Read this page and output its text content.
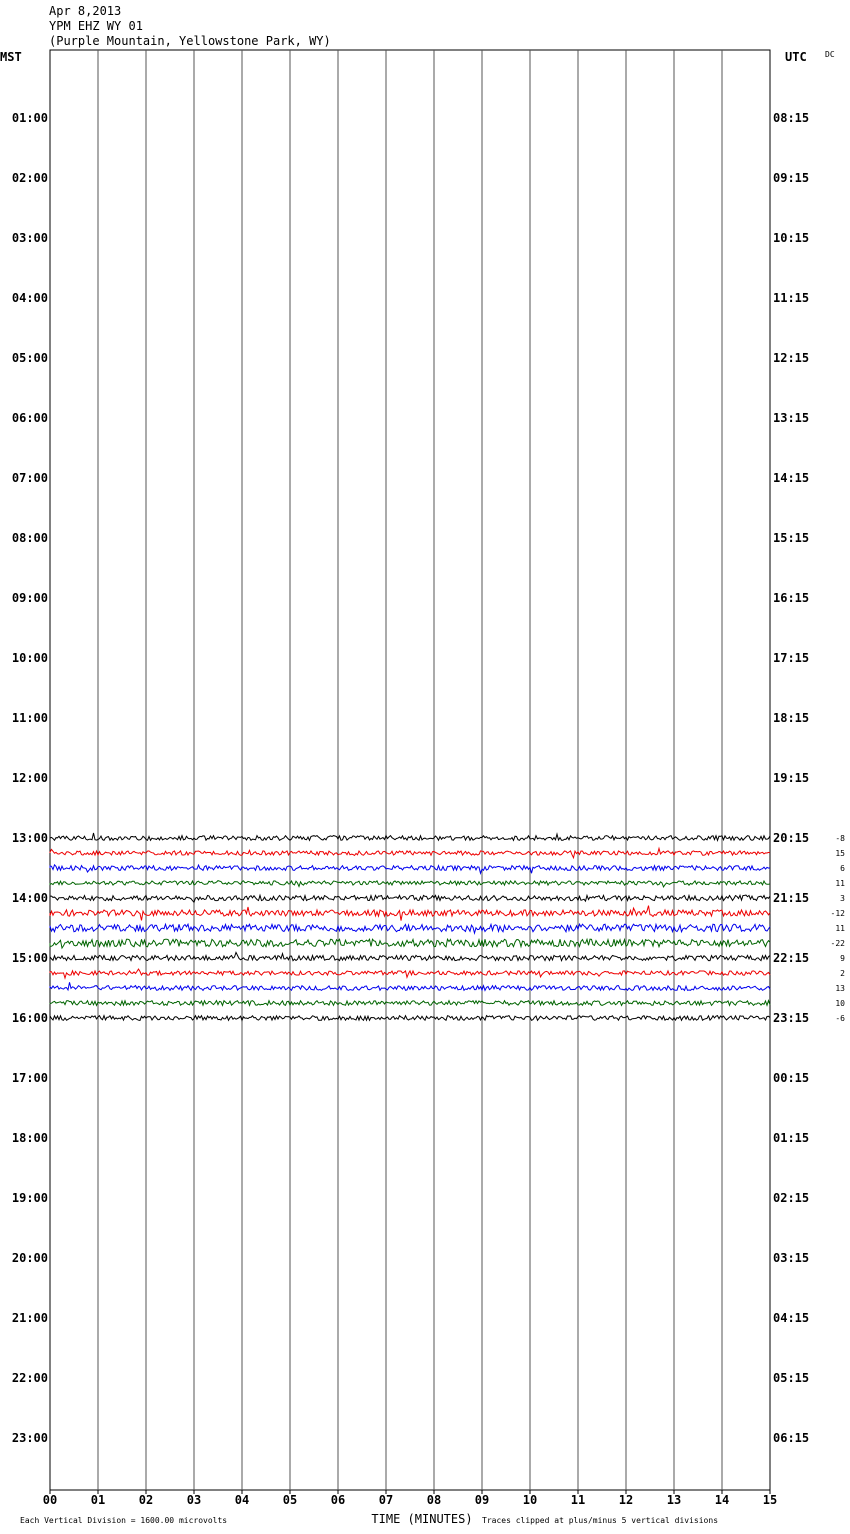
Apr 8,2013
YPM EHZ WY 01
(Purple Mountain, Yellowstone Park, WY)
00	01	02	03	04	05	06	07	08	09	10	11	12	13	14	15
MST	UTC DC
TIME (MINUTES)
Each Vertical Division = 1600.00 microvolts	Traces clipped at plus/minus 5 vertical divisions
01:00
02:00
03:00
04:00
05:00
06:00
07:00
08:00
09:00
10:00
11:00
12:00
13:00
14:00
15:00
16:00
17:00
18:00
19:00
20:00
21:00
22:00
23:00
08:15
09:15
10:15
11:15
12:15
13:15
14:15
15:15
16:15
17:15
18:15
19:15
20:15
21:15
22:15
23:15
00:15
01:15
02:15
03:15
04:15
05:15
06:15
-8
15
6
11
3
-12
11
-22
9
2
13
10
-6
